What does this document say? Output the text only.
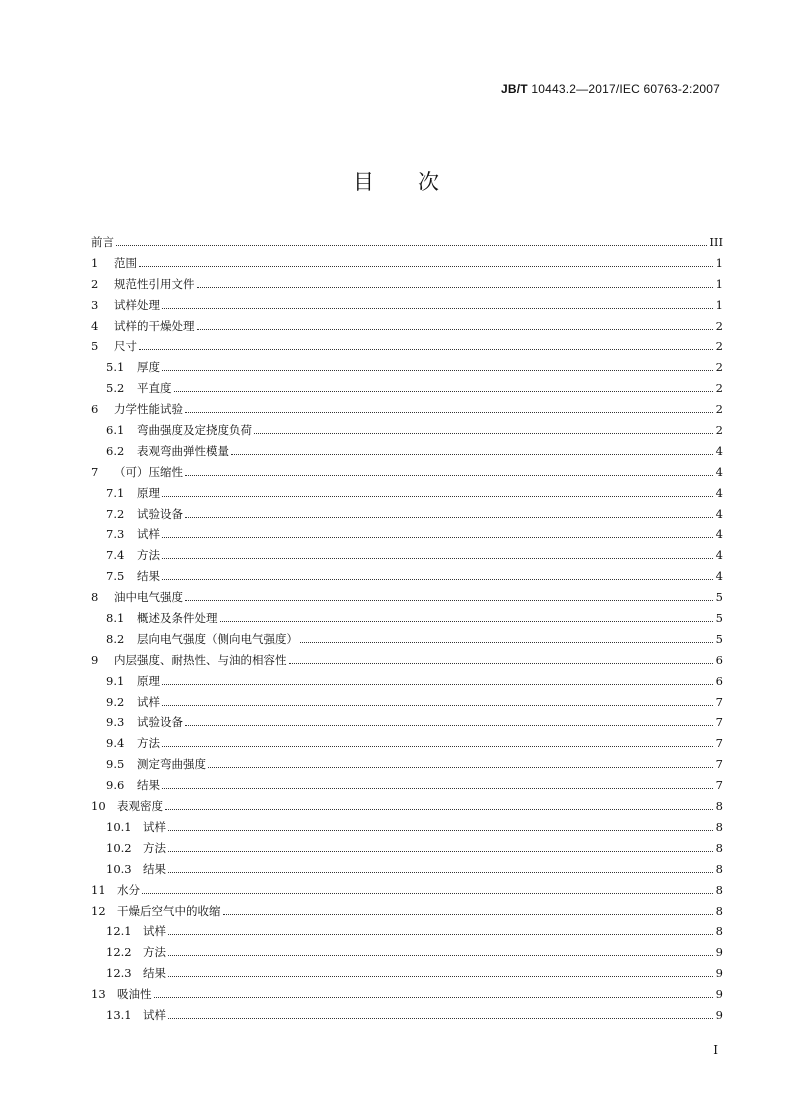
JB/T 10443.2—2017/IEC 60763-2:2007
目次
前言	III
1	范围	1
2	规范性引用文件	1
3	试样处理	1
4	试样的干燥处理	2
5	尺寸	2
5.1	厚度	2
5.2	平直度	2
6	力学性能试验	2
6.1	弯曲强度及定挠度负荷	2
6.2	表观弯曲弹性模量	4
7	（可）压缩性	4
7.1	原理	4
7.2	试验设备	4
7.3	试样	4
7.4	方法	4
7.5	结果	4
8	油中电气强度	5
8.1	概述及条件处理	5
8.2	层向电气强度（侧向电气强度）	5
9	内层强度、耐热性、与油的相容性	6
9.1	原理	6
9.2	试样	7
9.3	试验设备	7
9.4	方法	7
9.5	测定弯曲强度	7
9.6	结果	7
10 表观密度	8
10.1 试样	8
10.2 方法	8
10.3 结果	8
11 水分	8
12 干燥后空气中的收缩	8
12.1 试样	8
12.2 方法	9
12.3 结果	9
13 吸油性	9
13.1 试样	9
I
